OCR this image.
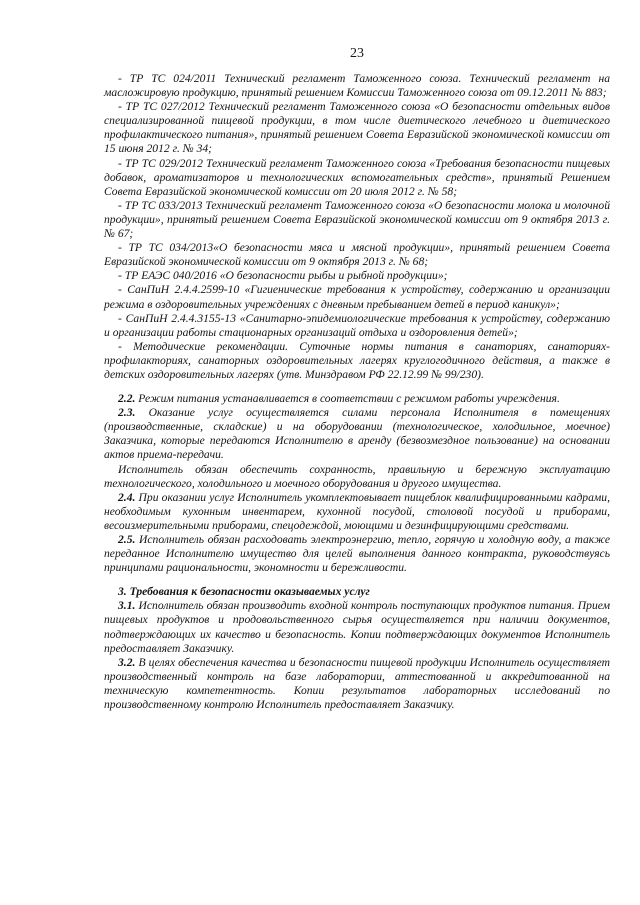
23

- ТР ТС 024/2011 Технический регламент Таможенного союза. Технический регламент на масложировую продукцию, принятый решением Комиссии Таможенного союза от 09.12.2011 № 883;

- ТР ТС 027/2012 Технический регламент Таможенного союза «О безопасности отдельных видов специализированной пищевой продукции, в том числе диетического лечебного и диетического профилактического питания», принятый решением Совета Евразийской экономической комиссии от 15 июня 2012 г. № 34;

- ТР ТС 029/2012 Технический регламент Таможенного союза «Требования безопасности пищевых добавок, ароматизаторов и технологических вспомогательных средств», принятый Решением Совета Евразийской экономической комиссии от 20 июля 2012 г. № 58;

- ТР ТС 033/2013 Технический регламент Таможенного союза «О безопасности молока и молочной продукции», принятый решением Совета Евразийской экономической комиссии от 9 октября 2013 г. № 67;

- ТР ТС 034/2013«О безопасности мяса и мясной продукции», принятый решением Совета Евразийской экономической комиссии от 9 октября 2013 г. № 68;

- ТР ЕАЭС 040/2016 «О безопасности рыбы и рыбной продукции»;

- СанПиН 2.4.4.2599-10 «Гигиенические требования к устройству, содержанию и организации режима в оздоровительных учреждениях с дневным пребыванием детей в период каникул»;

- СанПиН 2.4.4.3155-13 «Санитарно-эпидемиологические требования к устройству, содержанию и организации работы стационарных организаций отдыха и оздоровления детей»;

- Методические рекомендации. Суточные нормы питания в санаториях, санаториях-профилакториях, санаторных оздоровительных лагерях круглогодичного действия, а также в детских оздоровительных лагерях (утв. Минздравом РФ 22.12.99 № 99/230).

2.2. Режим питания устанавливается в соответствии с режимом работы учреждения.

2.3. Оказание услуг осуществляется силами персонала Исполнителя в помещениях (производственные, складские) и на оборудовании (технологическое, холодильное, моечное) Заказчика, которые передаются Исполнителю в аренду (безвозмездное пользование) на основании актов приема-передачи.

Исполнитель обязан обеспечить сохранность, правильную и бережную эксплуатацию технологического, холодильного и моечного оборудования и другого имущества.

2.4. При оказании услуг Исполнитель укомплектовывает пищеблок квалифицированными кадрами, необходимым кухонным инвентарем, кухонной посудой, столовой посудой и приборами, весоизмерительными приборами, спецодеждой, моющими и дезинфицирующими средствами.

2.5. Исполнитель обязан расходовать электроэнергию, тепло, горячую и холодную воду, а также переданное Исполнителю имущество для целей выполнения данного контракта, руководствуясь принципами рациональности, экономности и бережливости.

3. Требования к безопасности оказываемых услуг

3.1. Исполнитель обязан производить входной контроль поступающих продуктов питания. Прием пищевых продуктов и продовольственного сырья осуществляется при наличии документов, подтверждающих их качество и безопасность. Копии подтверждающих документов Исполнитель предоставляет Заказчику.

3.2. В целях обеспечения качества и безопасности пищевой продукции Исполнитель осуществляет производственный контроль на базе лаборатории, аттестованной и аккредитованной на техническую компетентность. Копии результатов лабораторных исследований по производственному контролю Исполнитель предоставляет Заказчику.
